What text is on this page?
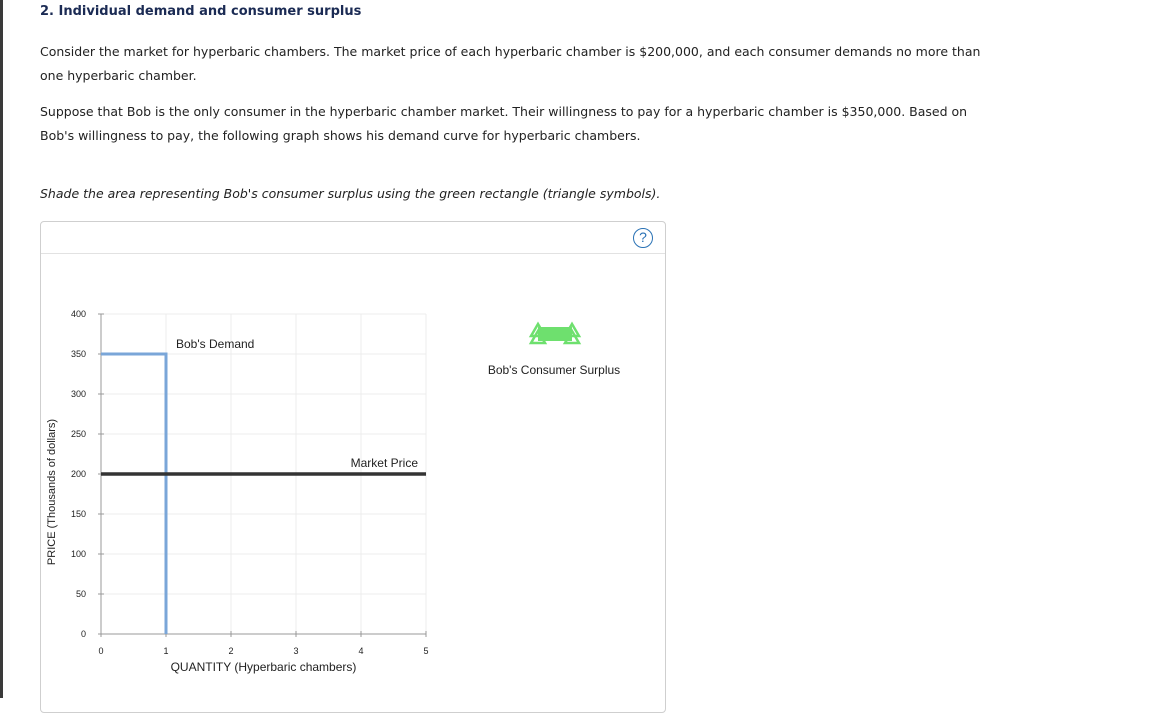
2. Individual demand and consumer surplus
Consider the market for hyperbaric chambers. The market price of each hyperbaric chamber is $200,000, and each consumer demands no more than
one hyperbaric chamber.
Suppose that Bob is the only consumer in the hyperbaric chamber market. Their willingness to pay for a hyperbaric chamber is $350,000. Based on
Bob's willingness to pay, the following graph shows his demand curve for hyperbaric chambers.
Shade the area representing Bob's consumer surplus using the green rectangle (triangle symbols).
?
0
50
100
150
200
250
300
350
400
0	1	2	3	4	5
QUANTITY (Hyperbaric chambers)
PRICE (Thousands of dollars)
Bob's Demand
Market Price
Bob's Consumer Surplus
